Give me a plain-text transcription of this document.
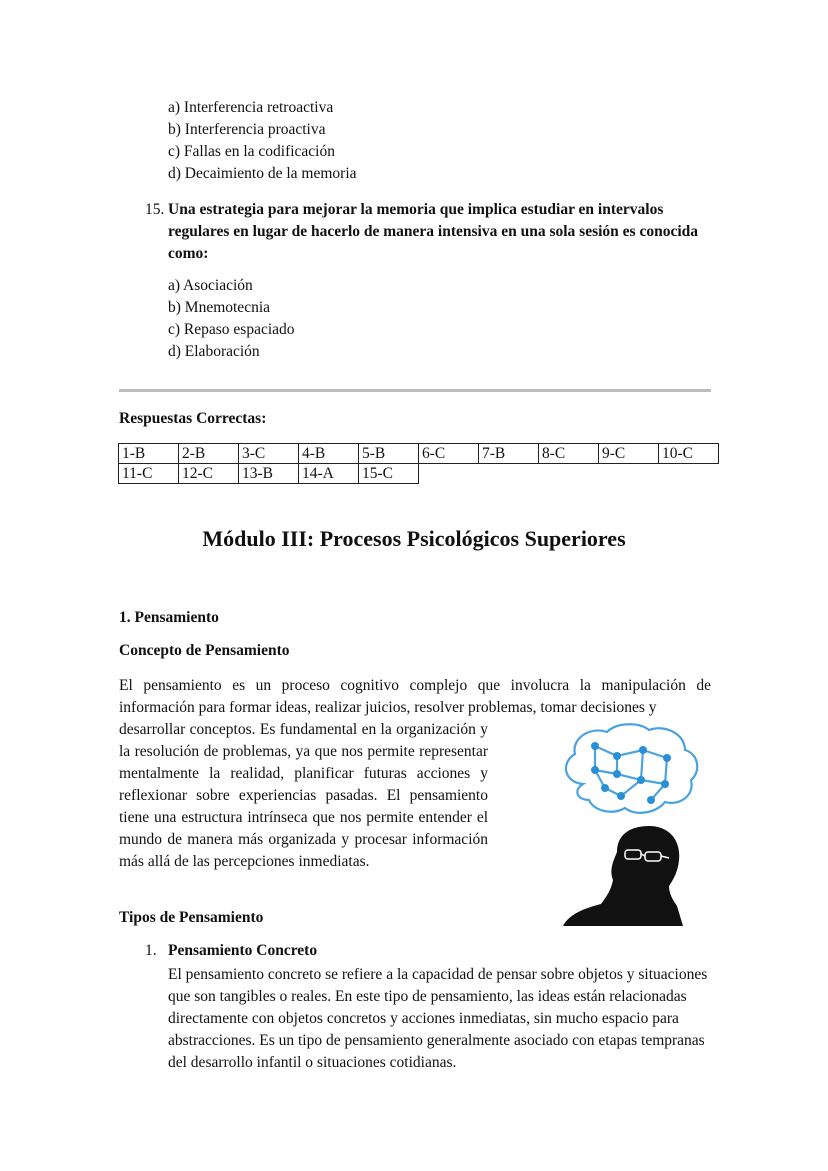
a) Interferencia retroactiva
b) Interferencia proactiva
c) Fallas en la codificación
d) Decaimiento de la memoria
15. Una estrategia para mejorar la memoria que implica estudiar en intervalos regulares en lugar de hacerlo de manera intensiva en una sola sesión es conocida como:
a) Asociación
b) Mnemotecnia
c) Repaso espaciado
d) Elaboración
Respuestas Correctas:
1-B	2-B	3-C	4-B	5-B	6-C	7-B	8-C	9-C	10-C
11-C	12-C	13-B	14-A	15-C					
Módulo III: Procesos Psicológicos Superiores
1. Pensamiento
Concepto de Pensamiento
El pensamiento es un proceso cognitivo complejo que involucra la manipulación de información para formar ideas, realizar juicios, resolver problemas, tomar decisiones y
desarrollar conceptos. Es fundamental en la organización y la resolución de problemas, ya que nos permite representar mentalmente la realidad, planificar futuras acciones y reflexionar sobre experiencias pasadas. El pensamiento tiene una estructura intrínseca que nos permite entender el mundo de manera más organizada y procesar información más allá de las percepciones inmediatas.
Tipos de Pensamiento
1. Pensamiento Concreto
El pensamiento concreto se refiere a la capacidad de pensar sobre objetos y situaciones que son tangibles o reales. En este tipo de pensamiento, las ideas están relacionadas directamente con objetos concretos y acciones inmediatas, sin mucho espacio para abstracciones. Es un tipo de pensamiento generalmente asociado con etapas tempranas del desarrollo infantil o situaciones cotidianas.
